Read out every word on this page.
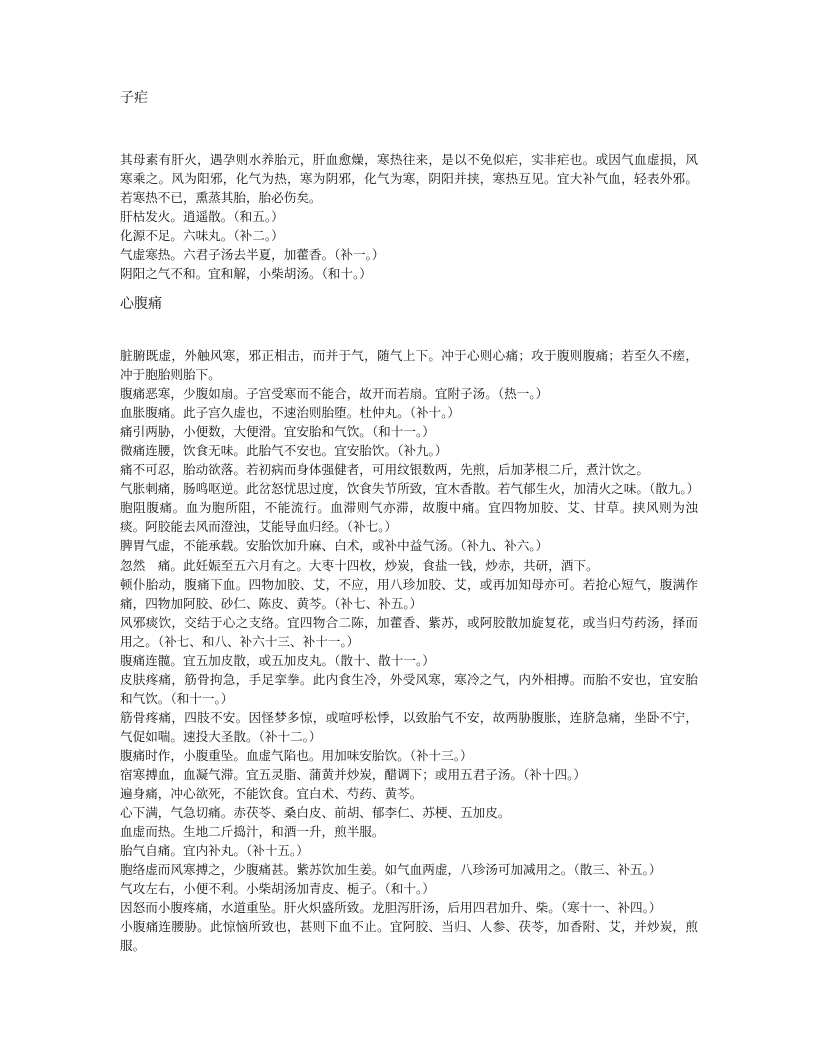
子疟

其母素有肝火，遇孕则水养胎元，肝血愈燥，寒热往来，是以不免似疟，实非疟也。或因气血虚损，风寒乘之。风为阳邪，化气为热，寒为阴邪，化气为寒，阴阳并挟，寒热互见。宜大补气血，轻表外邪。若寒热不已，熏蒸其胎，胎必伤矣。

肝枯发火。逍遥散。（和五。）

化源不足。六味丸。（补二。）

气虚寒热。六君子汤去半夏，加藿香。（补一。）

阴阳之气不和。宜和解，小柴胡汤。（和十。）

心腹痛

脏腑既虚，外触风寒，邪正相击，而并于气，随气上下。冲于心则心痛；攻于腹则腹痛；若至久不瘥，冲于胞胎则胎下。

腹痛恶寒，少腹如扇。子宫受寒而不能合，故开而若扇。宜附子汤。（热一。）

血胀腹痛。此子宫久虚也，不速治则胎堕。杜仲丸。（补十。）

痛引两胁，小便数，大便滑。宜安胎和气饮。（和十一。）

微痛连腰，饮食无味。此胎气不安也。宜安胎饮。（补九。）

痛不可忍，胎动欲落。若初病而身体强健者，可用纹银数两，先煎，后加茅根二斤，煮汁饮之。

气胀刺痛，肠鸣呕逆。此岔怒忧思过度，饮食失节所致，宜木香散。若气郁生火，加清火之味。（散九。）

胞阻腹痛。血为胞所阻，不能流行。血滞则气亦滞，故腹中痛。宜四物加胶、艾、甘草。挟风则为浊痰。阿胶能去风而澄浊，艾能导血归经。（补七。）

脾胃气虚，不能承载。安胎饮加升麻、白术，或补中益气汤。（补九、补六。）

忽然　痛。此妊娠至五六月有之。大枣十四枚，炒炭，食盐一钱，炒赤，共研，酒下。

顿仆胎动，腹痛下血。四物加胶、艾，不应，用八珍加胶、艾，或再加知母亦可。若抢心短气，腹满作痛，四物加阿胶、砂仁、陈皮、黄芩。（补七、补五。）

风邪痰饮，交结于心之支络。宜四物合二陈，加藿香、紫苏，或阿胶散加旋复花，或当归芍药汤，择而用之。（补七、和八、补六十三、补十一。）

腹痛连髋。宜五加皮散，或五加皮丸。（散十、散十一。）

皮肤疼痛，筋骨拘急，手足挛拳。此内食生冷，外受风寒，寒冷之气，内外相搏。而胎不安也，宜安胎和气饮。（和十一。）

筋骨疼痛，四肢不安。因怪梦多惊，或喧呼松悸，以致胎气不安，故两胁腹胀，连脐急痛，坐卧不宁，气促如喘。速投大圣散。（补十二。）

腹痛时作，小腹重坠。血虚气陷也。用加味安胎饮。（补十三。）

宿寒搏血，血凝气滞。宜五灵脂、蒲黄并炒炭，醋调下；或用五君子汤。（补十四。）

遍身痛，冲心欲死，不能饮食。宜白术、芍药、黄芩。

心下满，气急切痛。赤茯苓、桑白皮、前胡、郁李仁、苏梗、五加皮。

血虚而热。生地二斤捣汁，和酒一升，煎半服。

胎气自痛。宜内补丸。（补十五。）

胞络虚而风寒搏之，少腹痛甚。紫苏饮加生姜。如气血两虚，八珍汤可加减用之。（散三、补五。）

气攻左右，小便不利。小柴胡汤加青皮、栀子。（和十。）

因怒而小腹疼痛，水道重坠。肝火炽盛所致。龙胆泻肝汤，后用四君加升、柴。（寒十一、补四。）

小腹痛连腰胁。此惊恼所致也，甚则下血不止。宜阿胶、当归、人参、茯苓，加香附、艾，并炒炭，煎服。
